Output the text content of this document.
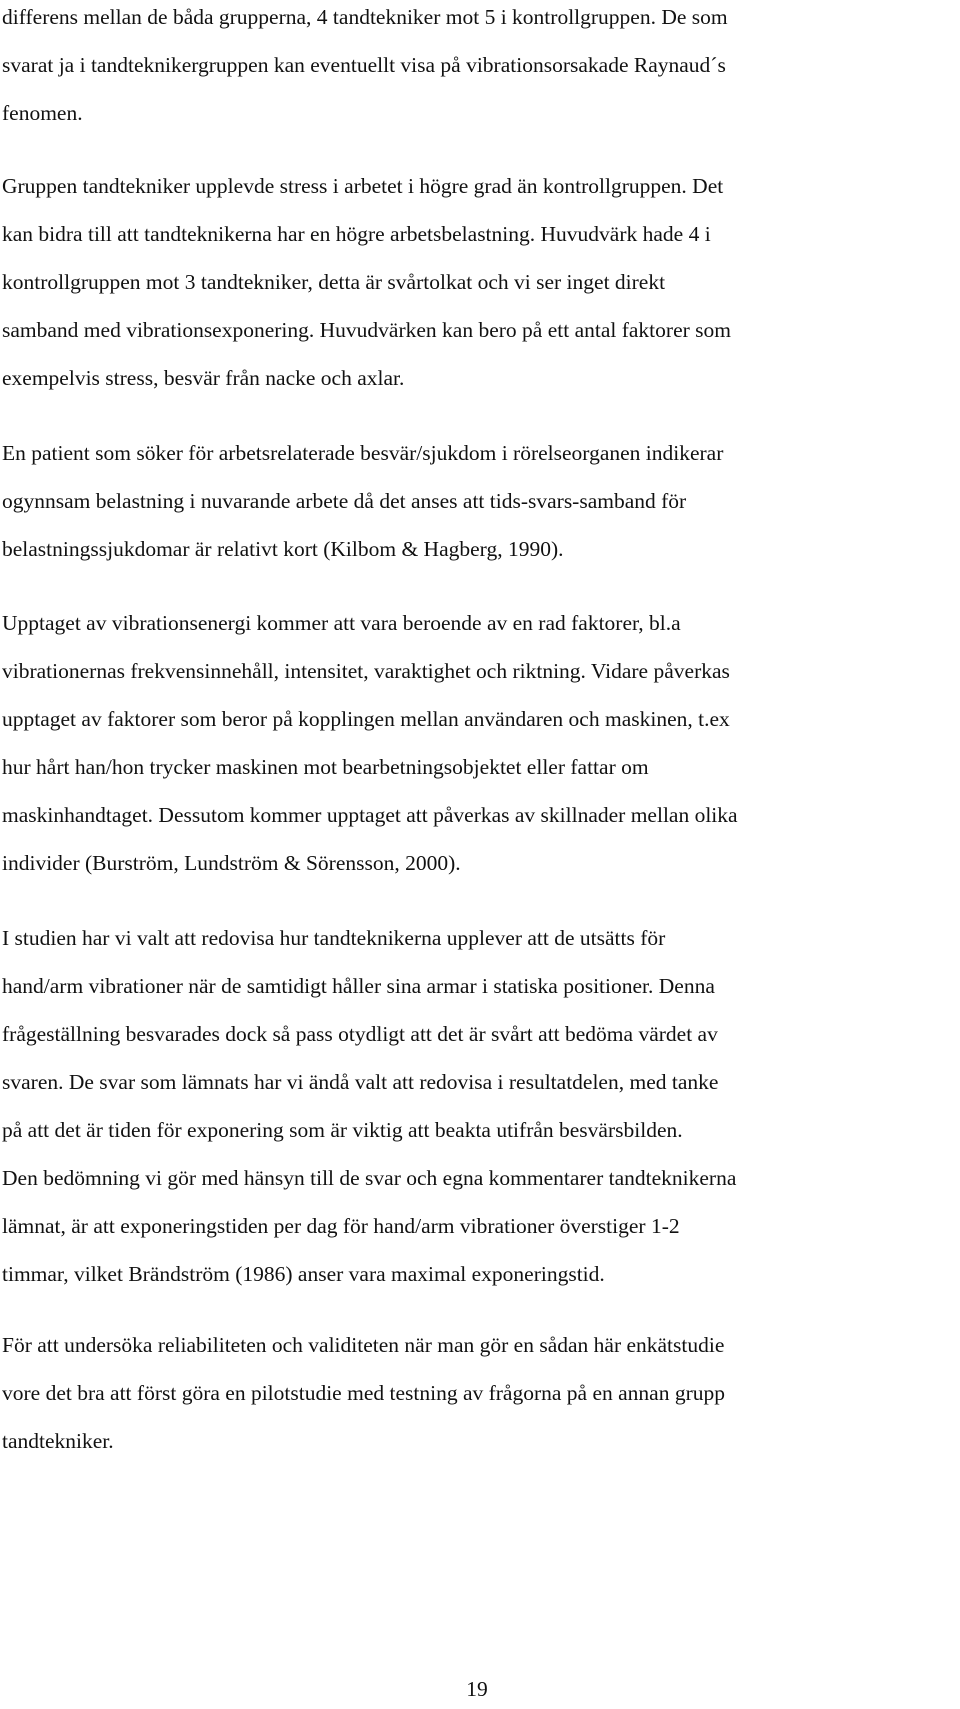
differens mellan de båda grupperna, 4 tandtekniker mot 5 i kontrollgruppen. De som
svarat ja i tandteknikergruppen kan eventuellt visa på vibrationsorsakade Raynaud´s
fenomen.

Gruppen tandtekniker upplevde stress i arbetet i högre grad än kontrollgruppen. Det
kan bidra till att tandteknikerna har en högre arbetsbelastning. Huvudvärk hade 4 i
kontrollgruppen mot 3 tandtekniker, detta är svårtolkat och vi ser inget direkt
samband med vibrationsexponering. Huvudvärken kan bero på ett antal faktorer som
exempelvis stress, besvär från nacke och axlar.

En patient som söker för arbetsrelaterade besvär/sjukdom i rörelseorganen indikerar
ogynnsam belastning i nuvarande arbete då det anses att tids-svars-samband för
belastningssjukdomar är relativt kort (Kilbom & Hagberg, 1990).

Upptaget av vibrationsenergi kommer att vara beroende av en rad faktorer, bl.a
vibrationernas frekvensinnehåll, intensitet, varaktighet och riktning. Vidare påverkas
upptaget av faktorer som beror på kopplingen mellan användaren och maskinen, t.ex
hur hårt han/hon trycker maskinen mot bearbetningsobjektet eller fattar om
maskinhandtaget. Dessutom kommer upptaget att påverkas av skillnader mellan olika
individer (Burström, Lundström & Sörensson, 2000).

I studien har vi valt att redovisa hur tandteknikerna upplever att de utsätts för
hand/arm vibrationer när de samtidigt håller sina armar i statiska positioner. Denna
frågeställning besvarades dock så pass otydligt att det är svårt att bedöma värdet av
svaren. De svar som lämnats har vi ändå valt att redovisa i resultatdelen, med tanke
på att det är tiden för exponering som är viktig att beakta utifrån besvärsbilden.
Den bedömning vi gör med hänsyn till de svar och egna kommentarer tandteknikerna
lämnat, är att exponeringstiden per dag för hand/arm vibrationer överstiger 1-2
timmar, vilket Brändström (1986) anser vara maximal exponeringstid.

För att undersöka reliabiliteten och validiteten när man gör en sådan här enkätstudie
vore det bra att först göra en pilotstudie med testning av frågorna på en annan grupp
tandtekniker.

19
